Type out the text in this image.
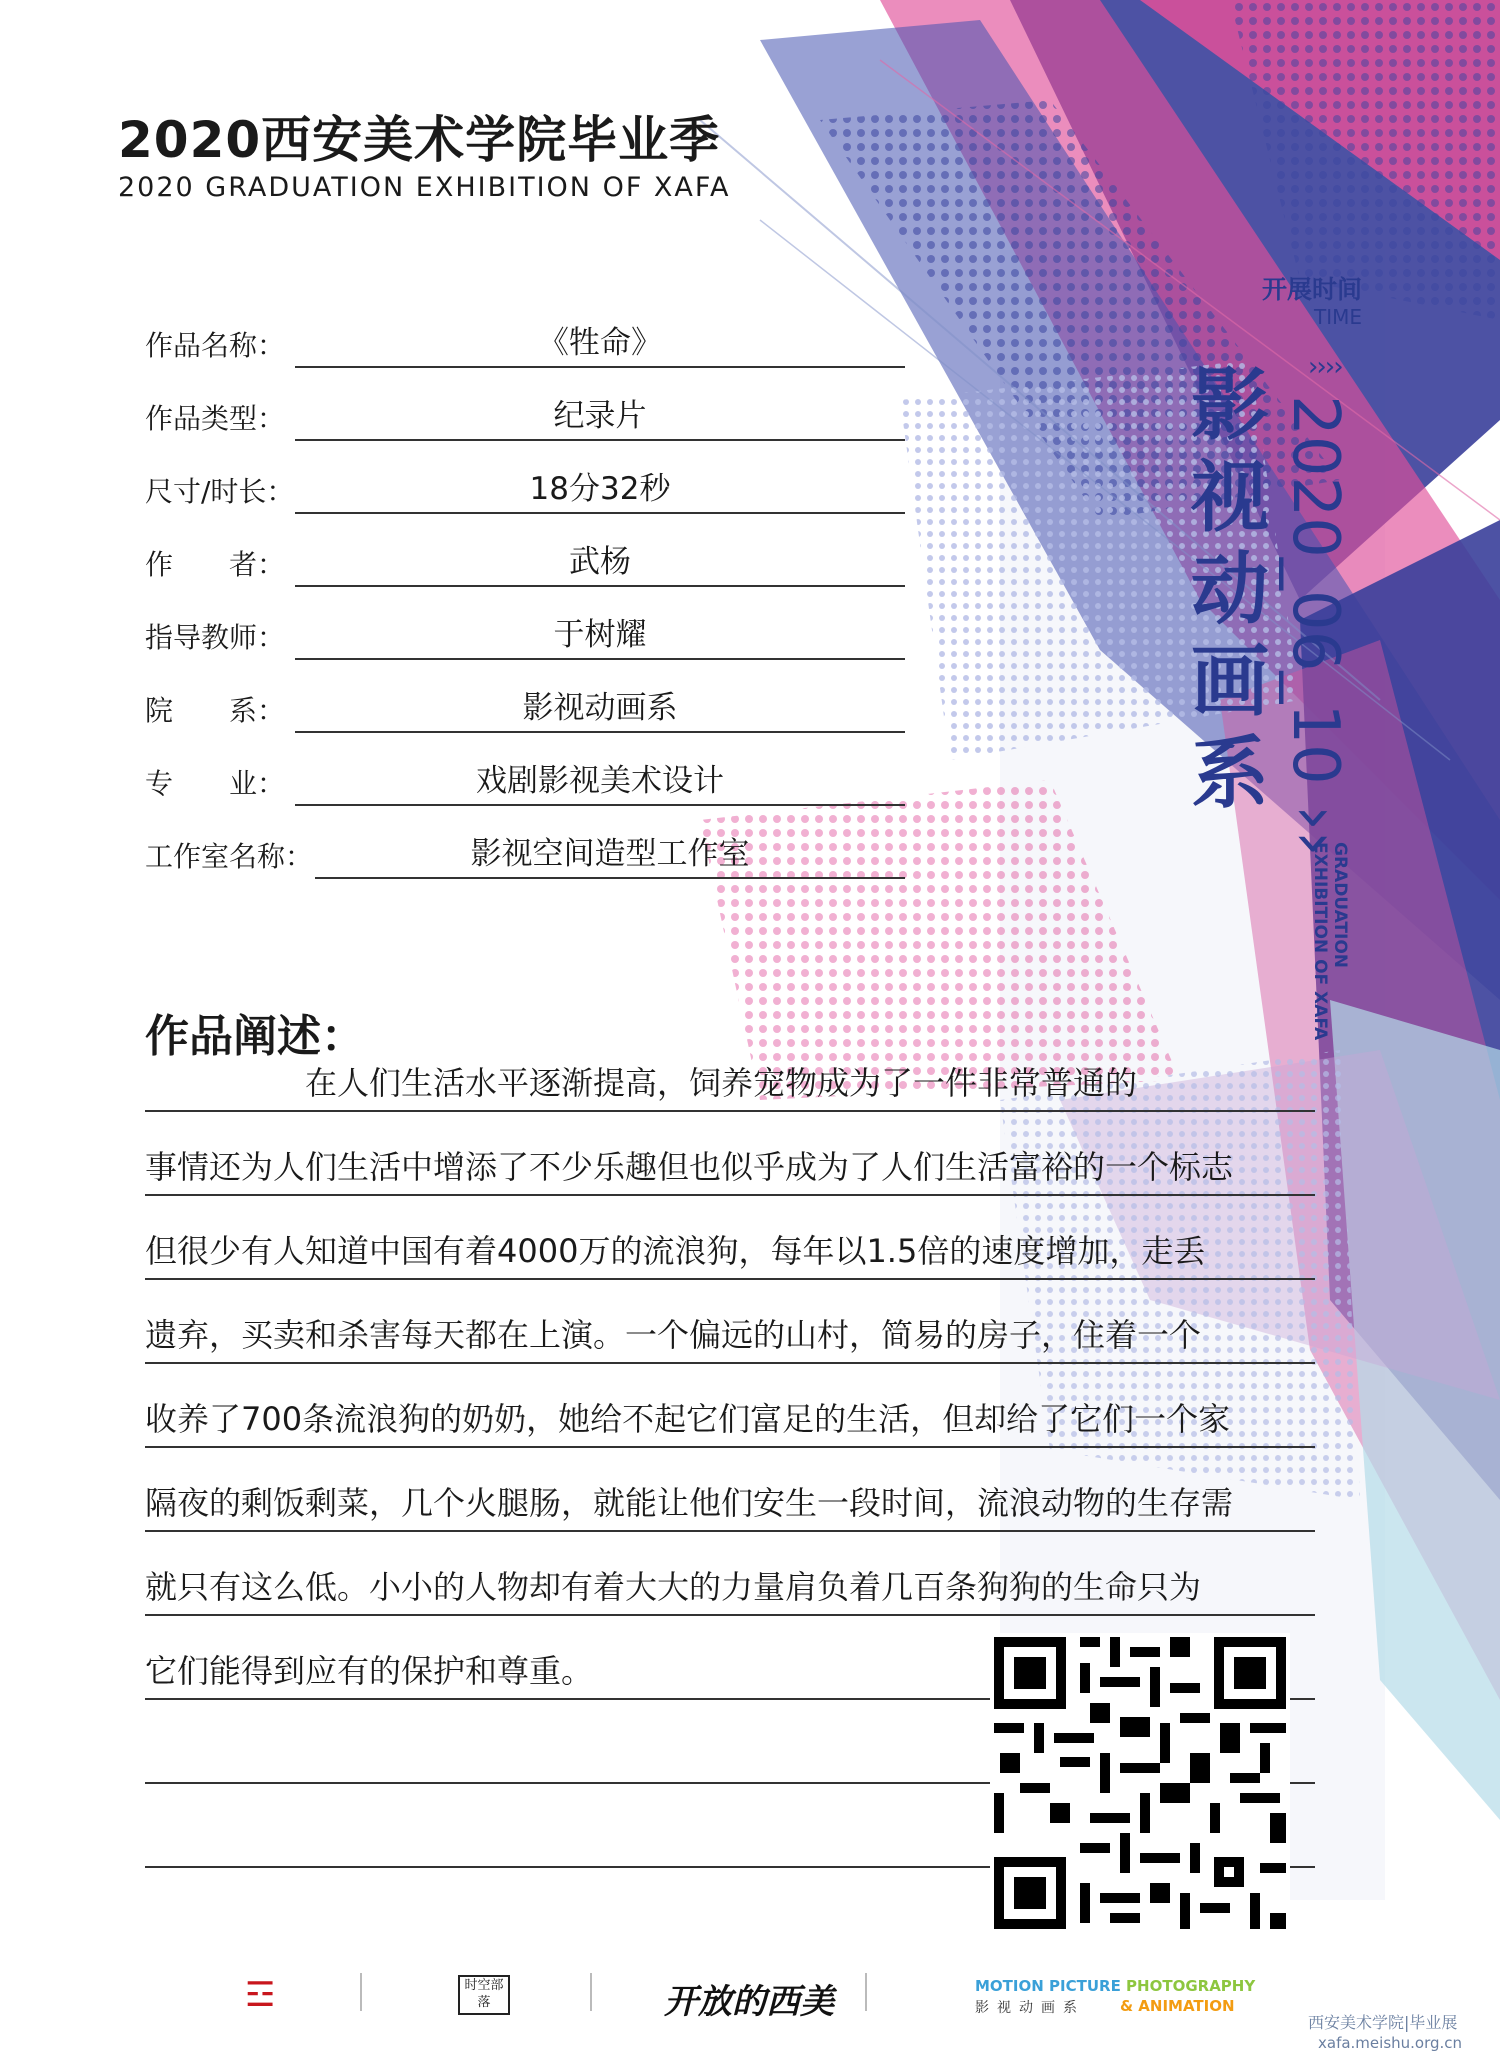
2020西安美术学院毕业季
2020 GRADUATION EXHIBITION OF XAFA
作品名称：	《牲命》
作品类型：	纪录片
尺寸/时长：	18分32秒
作　　者：	武杨
指导教师：	于树耀
院　　系：	影视动画系
专　　业：	戏剧影视美术设计
工作室名称：	影视空间造型工作室
作品阐述：
　　　　　在人们生活水平逐渐提高，饲养宠物成为了一件非常普通的
事情还为人们生活中增添了不少乐趣但也似乎成为了人们生活富裕的一个标志
但很少有人知道中国有着4000万的流浪狗，每年以1.5倍的速度增加，走丢
遗弃，买卖和杀害每天都在上演。一个偏远的山村，简易的房子，住着一个
收养了700条流浪狗的奶奶，她给不起它们富足的生活，但却给了它们一个家
隔夜的剩饭剩菜，几个火腿肠，就能让他们安生一段时间，流浪动物的生存需
就只有这么低。小小的人物却有着大大的力量肩负着几百条狗狗的生命只为
它们能得到应有的保护和尊重。
开展时间
TIME
››››
影
视
动
画
系 2020_06_10 ››
GRADUATION
EXHIBITION OF XAFA
☲	时空部落	开放的西美	MOTION PICTURE PHOTOGRAPHY
影视动画系 & ANIMATION
西安美术学院|毕业展
xafa.meishu.org.cn
